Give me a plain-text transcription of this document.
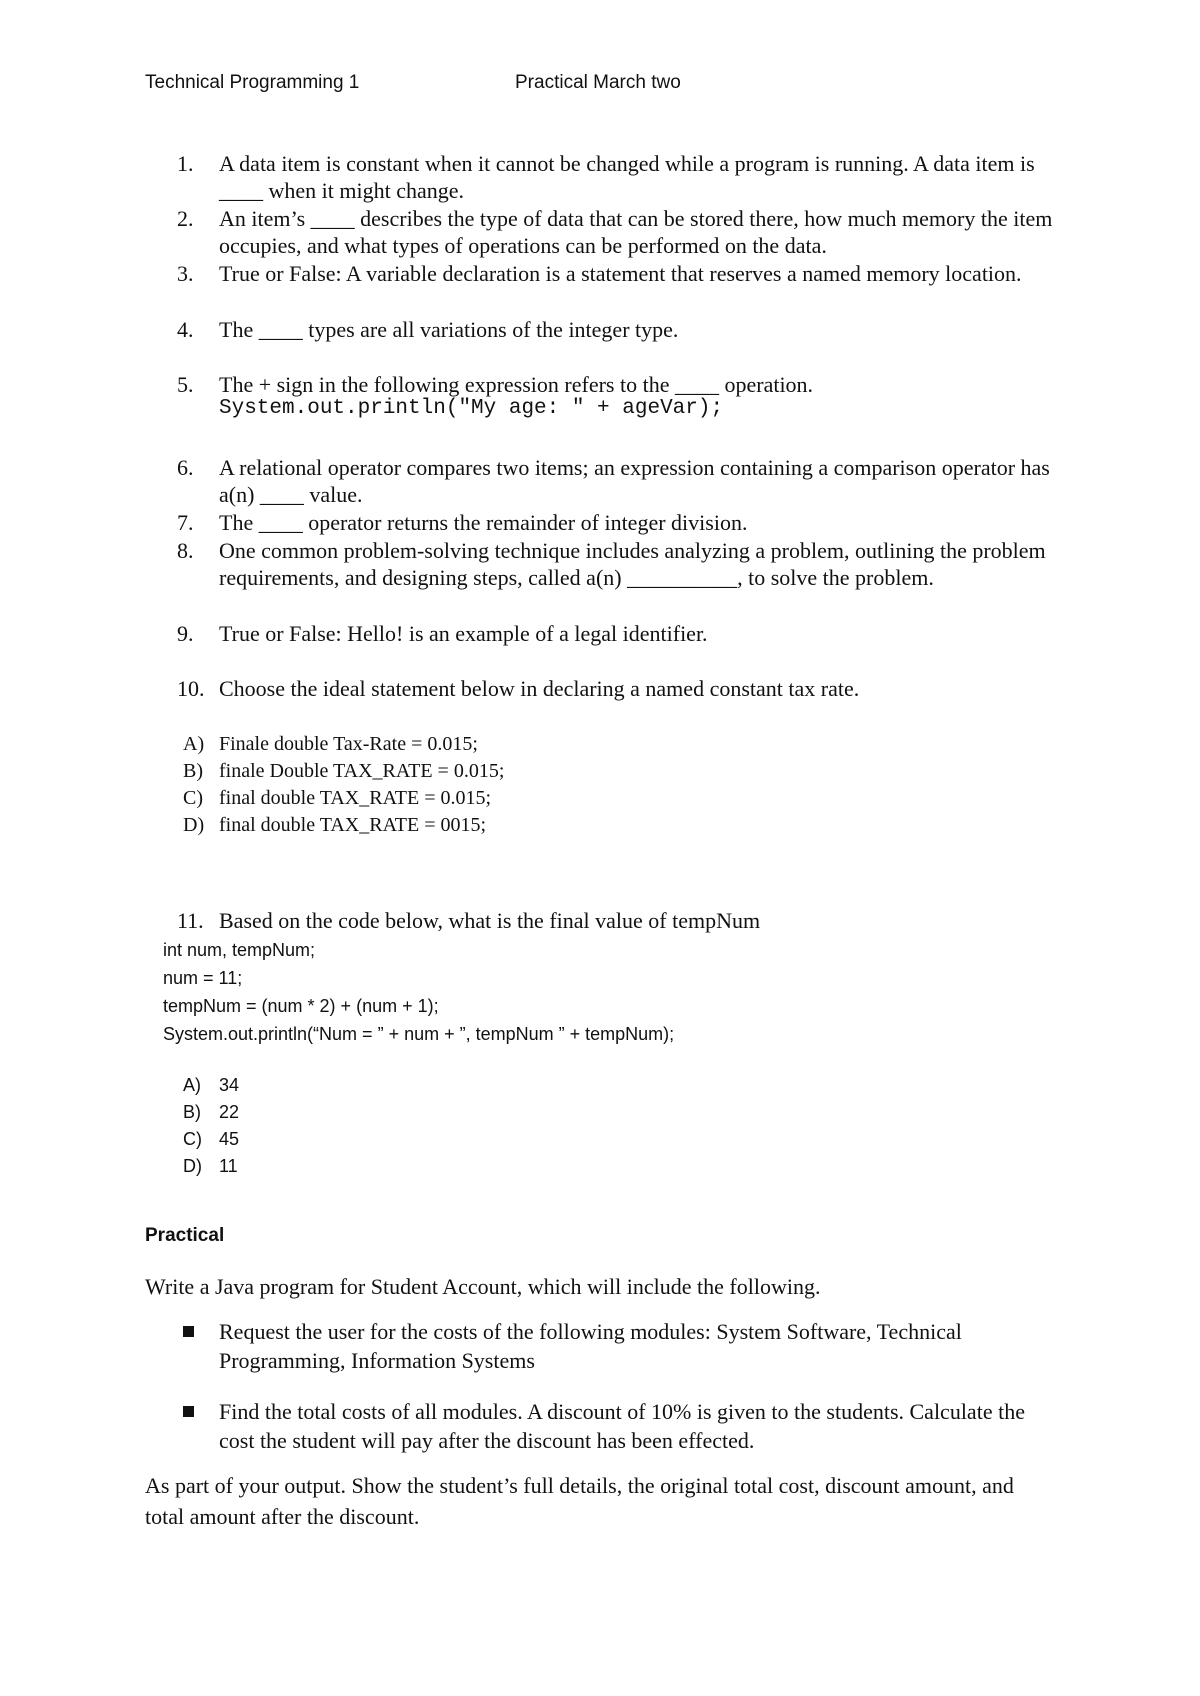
Technical Programming 1	Practical March two
1.	A data item is constant when it cannot be changed while a program is running. A data item is ____ when it might change.
2.	An item’s ____ describes the type of data that can be stored there, how much memory the item occupies, and what types of operations can be performed on the data.
3.	True or False: A variable declaration is a statement that reserves a named memory location.
4.	The ____ types are all variations of the integer type.
5.	The + sign in the following expression refers to the ____ operation.
System.out.println("My age: " + ageVar);
6.	A relational operator compares two items; an expression containing a comparison operator has a(n) ____ value.
7.	The ____ operator returns the remainder of integer division.
8.	One common problem-solving technique includes analyzing a problem, outlining the problem requirements, and designing steps, called a(n) __________, to solve the problem.
9.	True or False: Hello! is an example of a legal identifier.
10. Choose the ideal statement below in declaring a named constant tax rate.
A) Finale double Tax-Rate = 0.015;
B) finale Double TAX_RATE = 0.015;
C) final double TAX_RATE = 0.015;
D) final double TAX_RATE = 0015;
11. Based on the code below, what is the final value of tempNum
int num, tempNum;
num = 11;
tempNum = (num * 2) + (num + 1);
System.out.println(“Num = ” + num + ”, tempNum ” + tempNum);
A) 34
B) 22
C) 45
D) 11
Practical
Write a Java program for Student Account, which will include the following.
Request the user for the costs of the following modules: System Software, Technical Programming, Information Systems
Find the total costs of all modules. A discount of 10% is given to the students. Calculate the cost the student will pay after the discount has been effected.
As part of your output. Show the student’s full details, the original total cost, discount amount, and total amount after the discount.
